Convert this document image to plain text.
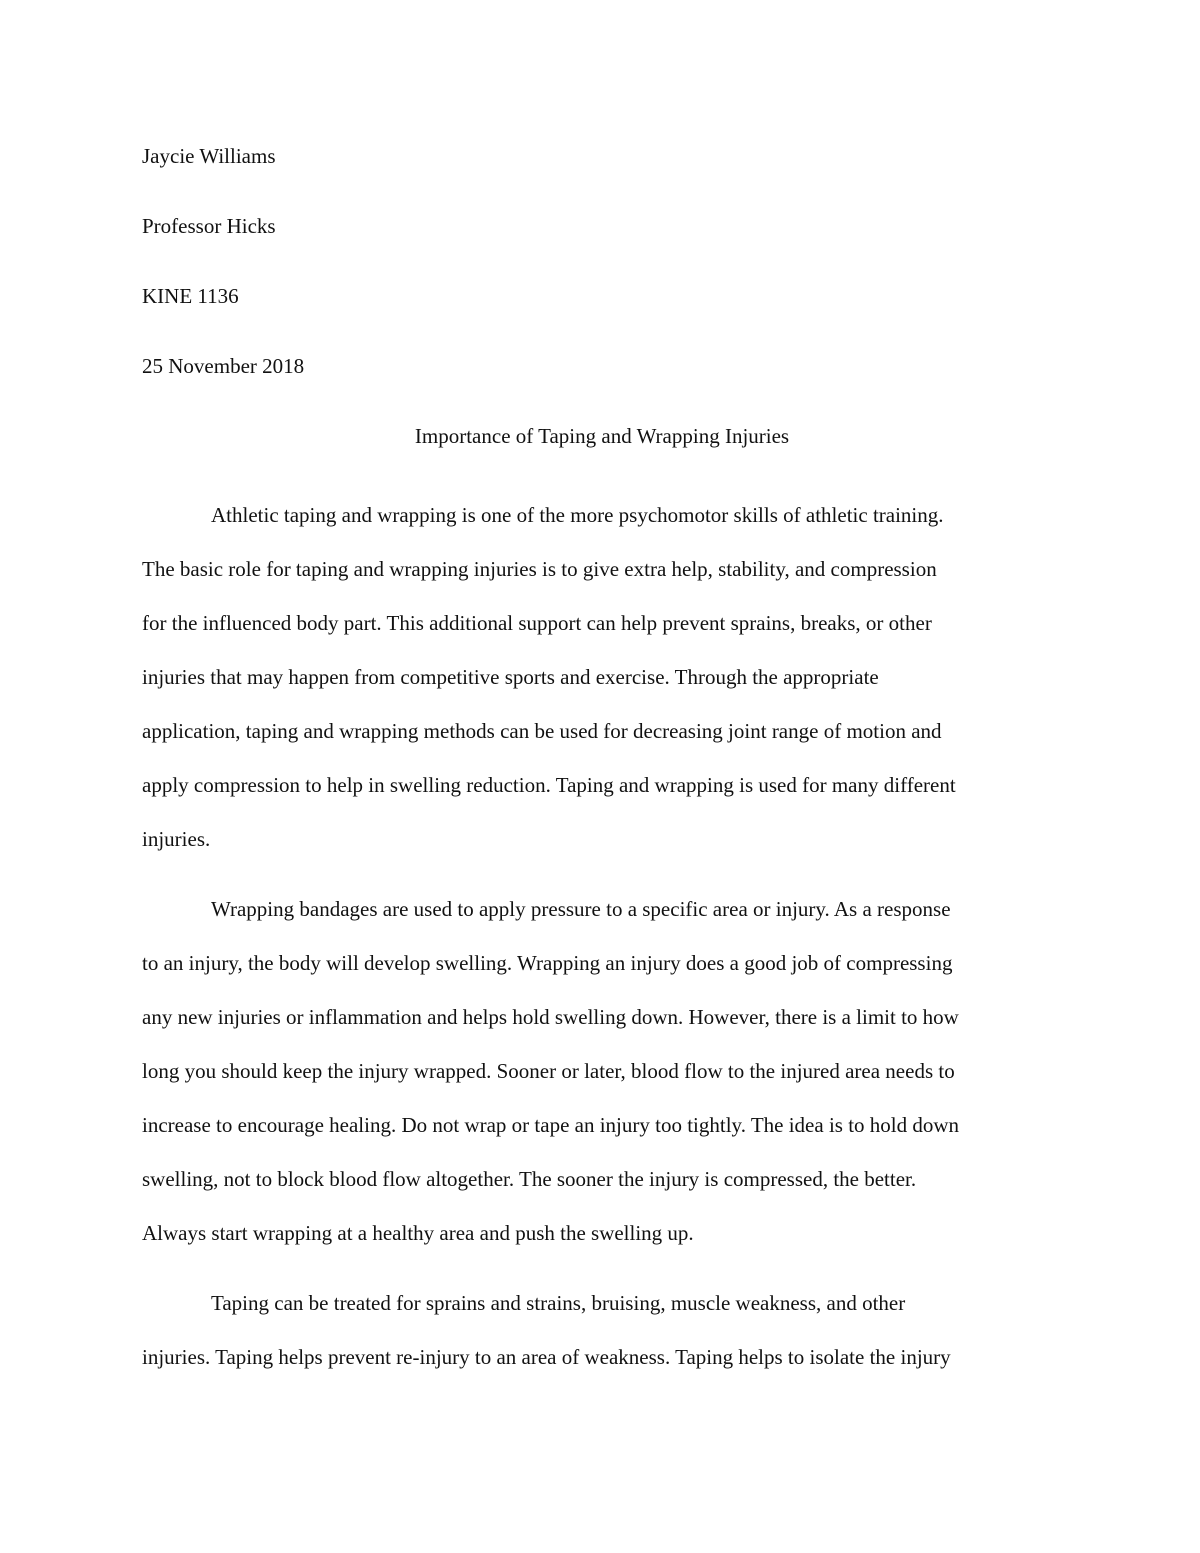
Jaycie Williams
Professor Hicks
KINE 1136
25 November 2018
Importance of Taping and Wrapping Injuries
Athletic taping and wrapping is one of the more psychomotor skills of athletic training.
The basic role for taping and wrapping injuries is to give extra help, stability, and compression
for the influenced body part. This additional support can help prevent sprains, breaks, or other
injuries that may happen from competitive sports and exercise. Through the appropriate
application, taping and wrapping methods can be used for decreasing joint range of motion and
apply compression to help in swelling reduction. Taping and wrapping is used for many different
injuries.
Wrapping bandages are used to apply pressure to a specific area or injury. As a response
to an injury, the body will develop swelling. Wrapping an injury does a good job of compressing
any new injuries or inflammation and helps hold swelling down. However, there is a limit to how
long you should keep the injury wrapped. Sooner or later, blood flow to the injured area needs to
increase to encourage healing. Do not wrap or tape an injury too tightly. The idea is to hold down
swelling, not to block blood flow altogether. The sooner the injury is compressed, the better.
Always start wrapping at a healthy area and push the swelling up.
Taping can be treated for sprains and strains, bruising, muscle weakness, and other
injuries. Taping helps prevent re-injury to an area of weakness. Taping helps to isolate the injury
